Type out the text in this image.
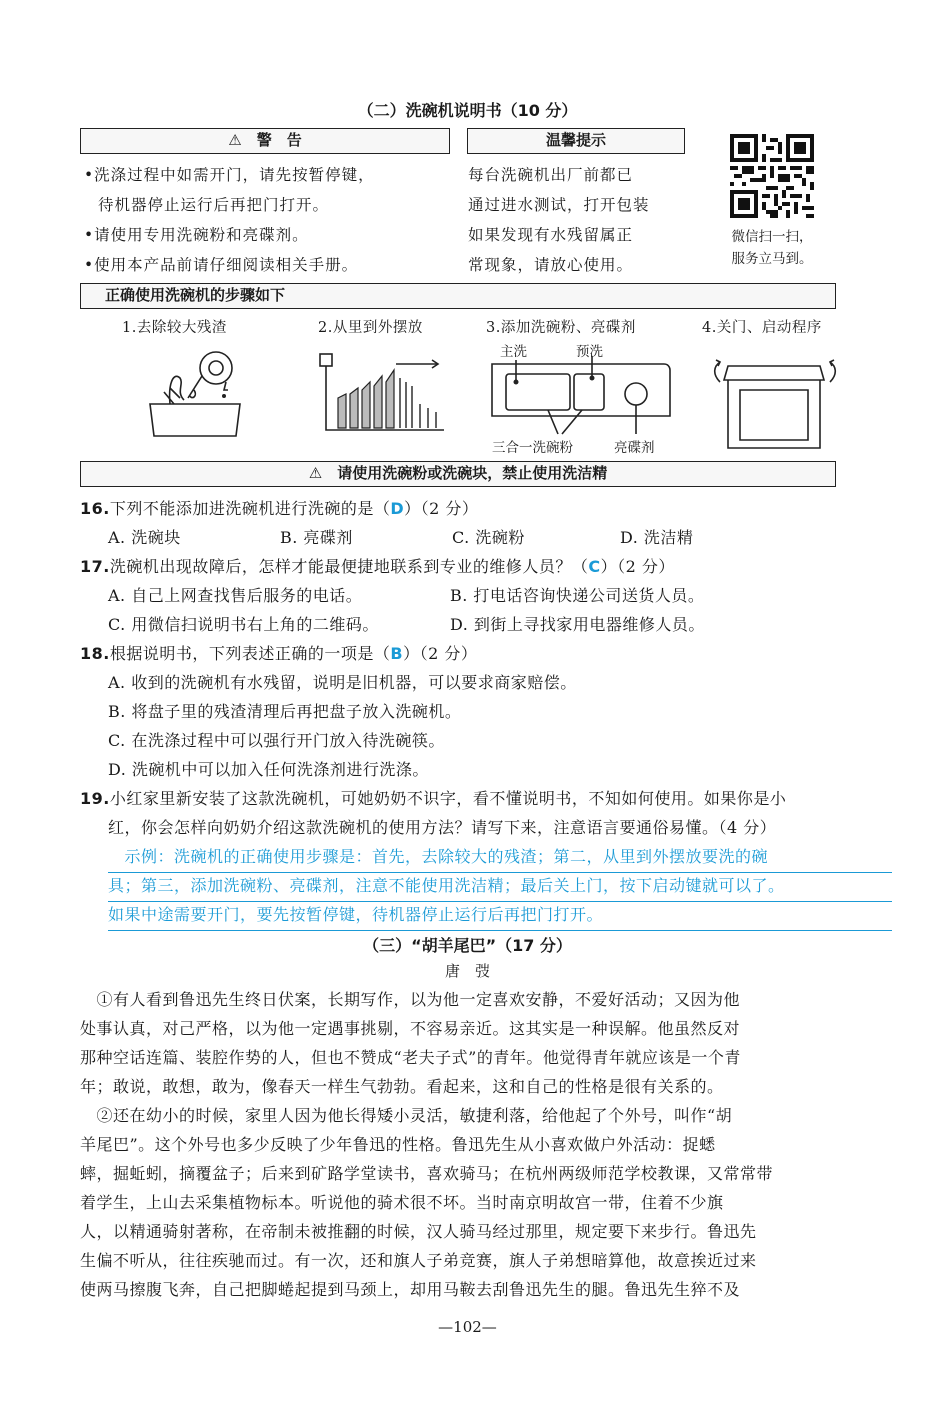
（二）洗碗机说明书（10 分）
⚠　警　告	温馨提示
•洗涤过程中如需开门，请先按暂停键，
待机器停止运行后再把门打开。
•请使用专用洗碗粉和亮碟剂。
•使用本产品前请仔细阅读相关手册。
每台洗碗机出厂前都已
通过进水测试，打开包装
如果发现有水残留属正
常现象，请放心使用。
微信扫一扫，
服务立马到。
正确使用洗碗机的步骤如下
1.去除较大残渣	2.从里到外摆放	3.添加洗碗粉、亮碟剂	4.关门、启动程序
主洗	预洗
三合一洗碗粉	亮碟剂
⚠　请使用洗碗粉或洗碗块，禁止使用洗洁精
16.下列不能添加进洗碗机进行洗碗的是（D）（2 分）
A. 洗碗块	B. 亮碟剂	C. 洗碗粉	D. 洗洁精
17.洗碗机出现故障后，怎样才能最便捷地联系到专业的维修人员？（C）（2 分）
A. 自己上网查找售后服务的电话。	B. 打电话咨询快递公司送货人员。
C. 用微信扫说明书右上角的二维码。	D. 到街上寻找家用电器维修人员。
18.根据说明书，下列表述正确的一项是（B）（2 分）
A. 收到的洗碗机有水残留，说明是旧机器，可以要求商家赔偿。
B. 将盘子里的残渣清理后再把盘子放入洗碗机。
C. 在洗涤过程中可以强行开门放入待洗碗筷。
D. 洗碗机中可以加入任何洗涤剂进行洗涤。
19.小红家里新安装了这款洗碗机，可她奶奶不识字，看不懂说明书，不知如何使用。如果你是小
红，你会怎样向奶奶介绍这款洗碗机的使用方法？请写下来，注意语言要通俗易懂。（4 分）
　示例：洗碗机的正确使用步骤是：首先，去除较大的残渣；第二，从里到外摆放要洗的碗
具；第三，添加洗碗粉、亮碟剂，注意不能使用洗洁精；最后关上门，按下启动键就可以了。
如果中途需要开门，要先按暂停键，待机器停止运行后再把门打开。
（三）“胡羊尾巴”（17 分）
唐　弢
　①有人看到鲁迅先生终日伏案，长期写作，以为他一定喜欢安静，不爱好活动；又因为他
处事认真，对己严格，以为他一定遇事挑剔，不容易亲近。这其实是一种误解。他虽然反对
那种空话连篇、装腔作势的人，但也不赞成“老夫子式”的青年。他觉得青年就应该是一个青
年；敢说，敢想，敢为，像春天一样生气勃勃。看起来，这和自己的性格是很有关系的。
　②还在幼小的时候，家里人因为他长得矮小灵活，敏捷利落，给他起了个外号，叫作“胡
羊尾巴”。这个外号也多少反映了少年鲁迅的性格。鲁迅先生从小喜欢做户外活动：捉蟋
蟀，掘蚯蚓，摘覆盆子；后来到矿路学堂读书，喜欢骑马；在杭州两级师范学校教课，又常常带
着学生，上山去采集植物标本。听说他的骑术很不坏。当时南京明故宫一带，住着不少旗
人，以精通骑射著称，在帝制未被推翻的时候，汉人骑马经过那里，规定要下来步行。鲁迅先
生偏不听从，往往疾驰而过。有一次，还和旗人子弟竞赛，旗人子弟想暗算他，故意挨近过来
使两马擦腹飞奔，自己把脚蜷起提到马颈上，却用马鞍去刮鲁迅先生的腿。鲁迅先生猝不及
—102—
